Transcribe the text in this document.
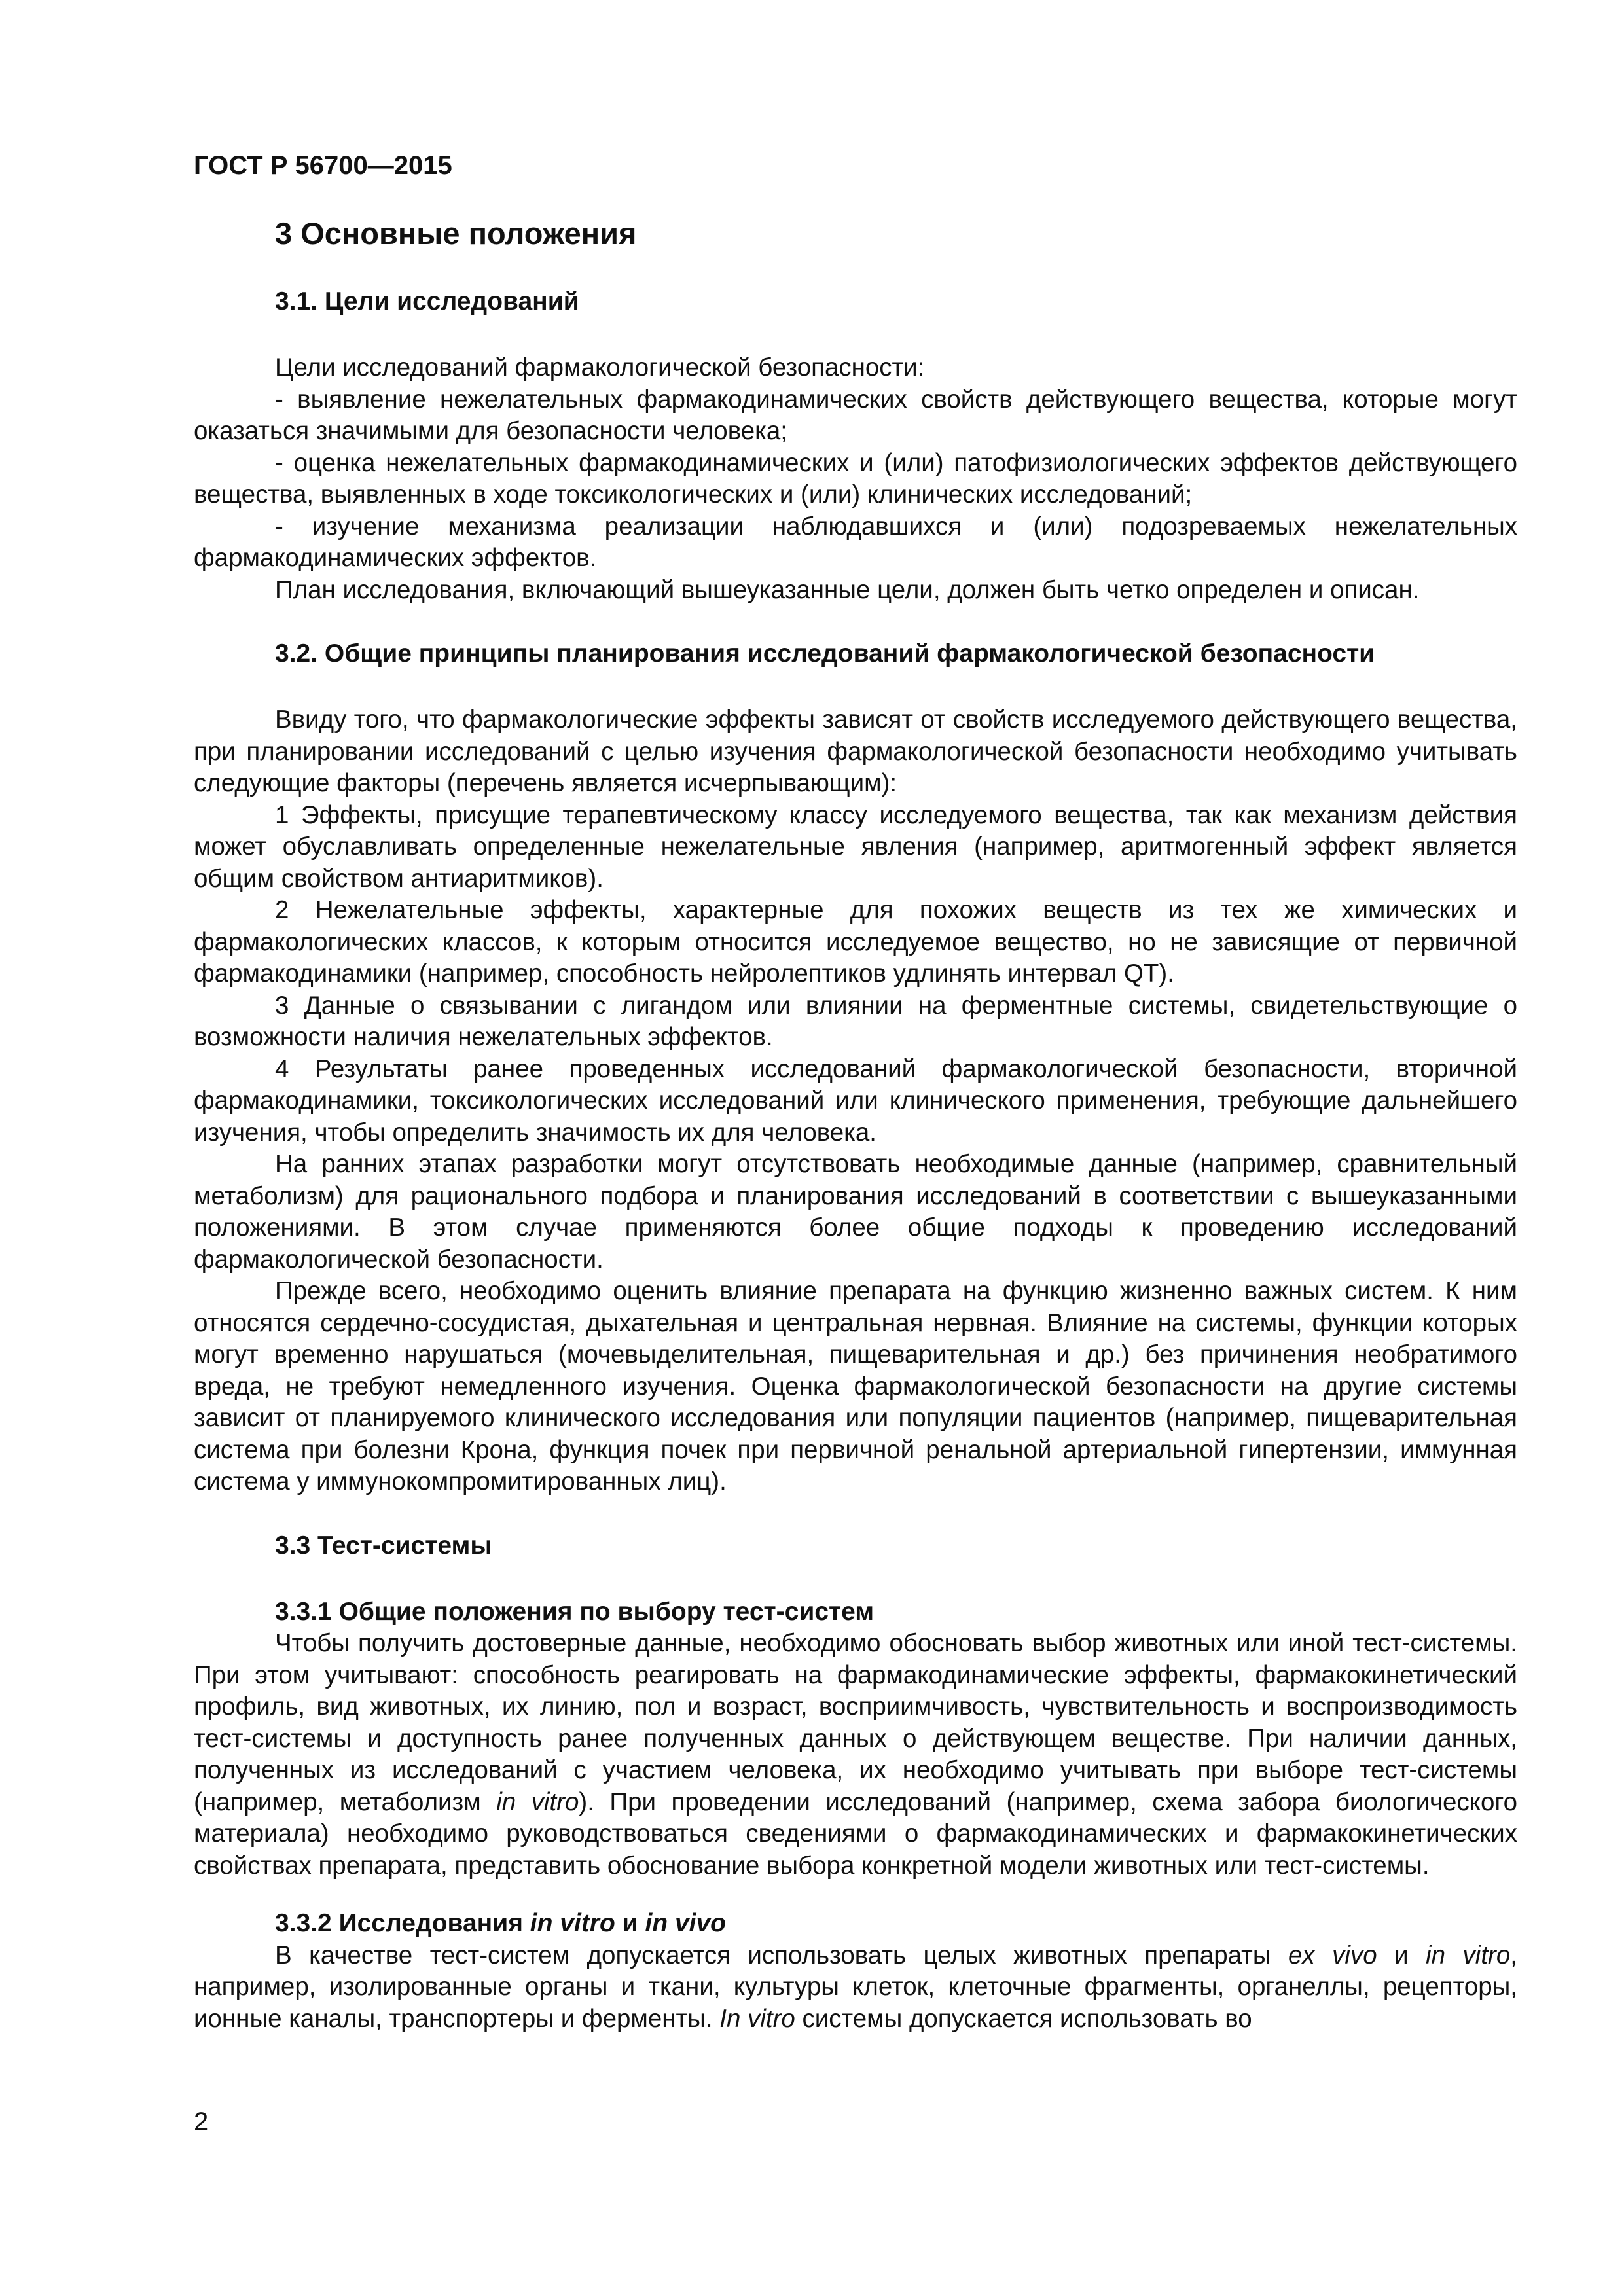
ГОСТ Р 56700—2015
3 Основные положения
3.1. Цели исследований

Цели исследований фармакологической безопасности:

- выявление нежелательных фармакодинамических свойств действующего вещества, которые могут оказаться значимыми для безопасности человека;

- оценка нежелательных фармакодинамических и (или) патофизиологических эффектов действующего вещества, выявленных в ходе токсикологических и (или) клинических исследований;

- изучение механизма реализации наблюдавшихся и (или) подозреваемых нежелательных фармакодинамических эффектов.

План исследования, включающий вышеуказанные цели, должен быть четко определен и описан.

3.2. Общие принципы планирования исследований фармакологической безопасности

Ввиду того, что фармакологические эффекты зависят от свойств исследуемого действующего вещества, при планировании исследований с целью изучения фармакологической безопасности необходимо учитывать следующие факторы (перечень является исчерпывающим):

1 Эффекты, присущие терапевтическому классу исследуемого вещества, так как механизм действия может обуславливать определенные нежелательные явления (например, аритмогенный эффект является общим свойством антиаритмиков).

2 Нежелательные эффекты, характерные для похожих веществ из тех же химических и фармакологических классов, к которым относится исследуемое вещество, но не зависящие от первичной фармакодинамики (например, способность нейролептиков удлинять интервал QT).

3 Данные о связывании с лигандом или влиянии на ферментные системы, свидетельствующие о возможности наличия нежелательных эффектов.

4 Результаты ранее проведенных исследований фармакологической безопасности, вторичной фармакодинамики, токсикологических исследований или клинического применения, требующие дальнейшего изучения, чтобы определить значимость их для человека.

На ранних этапах разработки могут отсутствовать необходимые данные (например, сравнительный метаболизм) для рационального подбора и планирования исследований в соответствии с вышеуказанными положениями. В этом случае применяются более общие подходы к проведению исследований фармакологической безопасности.

Прежде всего, необходимо оценить влияние препарата на функцию жизненно важных систем. К ним относятся сердечно-сосудистая, дыхательная и центральная нервная. Влияние на системы, функции которых могут временно нарушаться (мочевыделительная, пищеварительная и др.) без причинения необратимого вреда, не требуют немедленного изучения. Оценка фармакологической безопасности на другие системы зависит от планируемого клинического исследования или популяции пациентов (например, пищеварительная система при болезни Крона, функция почек при первичной ренальной артериальной гипертензии, иммунная система у иммунокомпромитированных лиц).

3.3 Тест-системы
3.3.1 Общие положения по выбору тест-систем

Чтобы получить достоверные данные, необходимо обосновать выбор животных или иной тест-системы. При этом учитывают: способность реагировать на фармакодинамические эффекты, фармакокинетический профиль, вид животных, их линию, пол и возраст, восприимчивость, чувствительность и воспроизводимость тест-системы и доступность ранее полученных данных о действующем веществе. При наличии данных, полученных из исследований с участием человека, их необходимо учитывать при выборе тест-системы (например, метаболизм in vitro). При проведении исследований (например, схема забора биологического материала) необходимо руководствоваться сведениями о фармакодинамических и фармакокинетических свойствах препарата, представить обоснование выбора конкретной модели животных или тест-системы.

3.3.2 Исследования in vitro и in vivo

В качестве тест-систем допускается использовать целых животных препараты ex vivo и in vitro, например, изолированные органы и ткани, культуры клеток, клеточные фрагменты, органеллы, рецепторы, ионные каналы, транспортеры и ферменты. In vitro системы допускается использовать во

2
